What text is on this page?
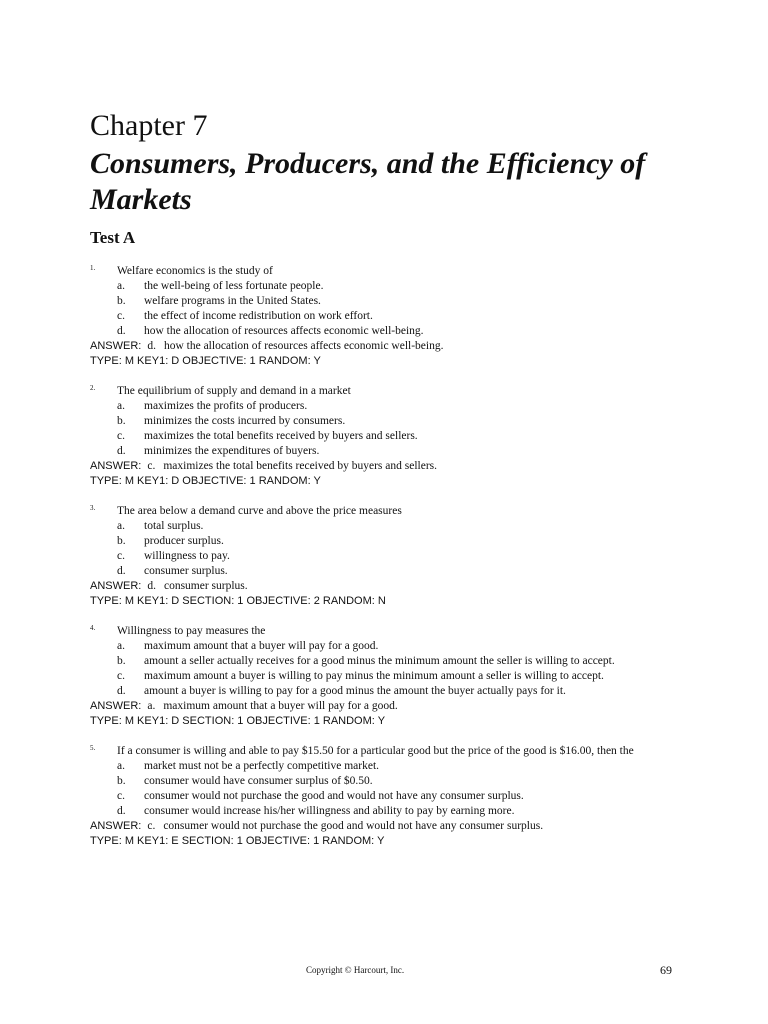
Chapter 7
Consumers, Producers, and the Efficiency of Markets
Test A
1. Welfare economics is the study of
a. the well-being of less fortunate people.
b. welfare programs in the United States.
c. the effect of income redistribution on work effort.
d. how the allocation of resources affects economic well-being.
ANSWER: d. how the allocation of resources affects economic well-being.
TYPE: M KEY1: D OBJECTIVE: 1 RANDOM: Y
2. The equilibrium of supply and demand in a market
a. maximizes the profits of producers.
b. minimizes the costs incurred by consumers.
c. maximizes the total benefits received by buyers and sellers.
d. minimizes the expenditures of buyers.
ANSWER: c. maximizes the total benefits received by buyers and sellers.
TYPE: M KEY1: D OBJECTIVE: 1 RANDOM: Y
3. The area below a demand curve and above the price measures
a. total surplus.
b. producer surplus.
c. willingness to pay.
d. consumer surplus.
ANSWER: d. consumer surplus.
TYPE: M KEY1: D SECTION: 1 OBJECTIVE: 2 RANDOM: N
4. Willingness to pay measures the
a. maximum amount that a buyer will pay for a good.
b. amount a seller actually receives for a good minus the minimum amount the seller is willing to accept.
c. maximum amount a buyer is willing to pay minus the minimum amount a seller is willing to accept.
d. amount a buyer is willing to pay for a good minus the amount the buyer actually pays for it.
ANSWER: a. maximum amount that a buyer will pay for a good.
TYPE: M KEY1: D SECTION: 1 OBJECTIVE: 1 RANDOM: Y
5. If a consumer is willing and able to pay $15.50 for a particular good but the price of the good is $16.00, then the
a. market must not be a perfectly competitive market.
b. consumer would have consumer surplus of $0.50.
c. consumer would not purchase the good and would not have any consumer surplus.
d. consumer would increase his/her willingness and ability to pay by earning more.
ANSWER: c. consumer would not purchase the good and would not have any consumer surplus.
TYPE: M KEY1: E SECTION: 1 OBJECTIVE: 1 RANDOM: Y
Copyright © Harcourt, Inc.	69
